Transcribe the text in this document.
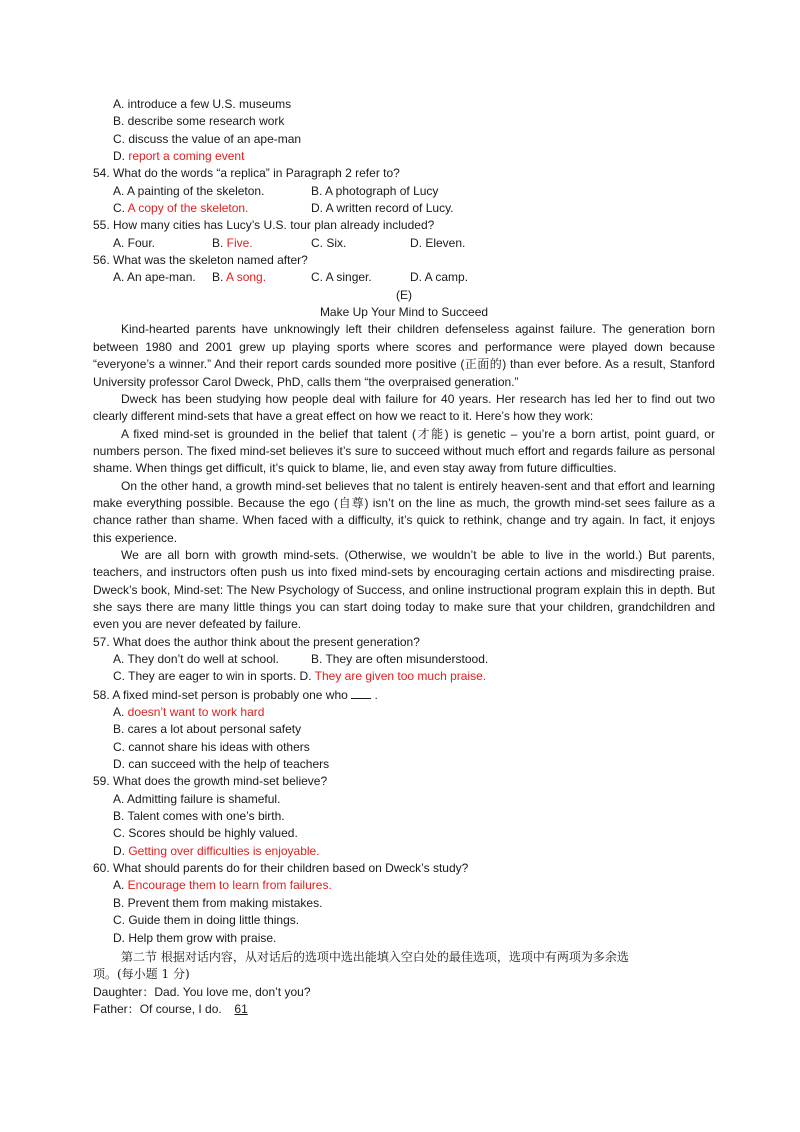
A. introduce a few U.S. museums
B. describe some research work
C. discuss the value of an ape-man
D. report a coming event
54. What do the words “a replica” in Paragraph 2 refer to?
A. A painting of the skeleton.	B. A photograph of Lucy
C. A copy of the skeleton.	D. A written record of Lucy.
55. How many cities has Lucy’s U.S. tour plan already included?
A. Four.	B. Five.	C. Six.	D. Eleven.
56. What was the skeleton named after?
A. An ape-man.	B. A song.	C. A singer.	D. A camp.
(E)
Make Up Your Mind to Succeed
Kind-hearted parents have unknowingly left their children defenseless against failure. The generation born between 1980 and 2001 grew up playing sports where scores and performance were played down because “everyone’s a winner.” And their report cards sounded more positive (正面的) than ever before. As a result, Stanford University professor Carol Dweck, PhD, calls them “the overpraised generation.”
Dweck has been studying how people deal with failure for 40 years. Her research has led her to find out two clearly different mind-sets that have a great effect on how we react to it. Here’s how they work:
A fixed mind-set is grounded in the belief that talent (才能) is genetic – you’re a born artist, point guard, or numbers person. The fixed mind-set believes it’s sure to succeed without much effort and regards failure as personal shame. When things get difficult, it’s quick to blame, lie, and even stay away from future difficulties.
On the other hand, a growth mind-set believes that no talent is entirely heaven-sent and that effort and learning make everything possible. Because the ego (自尊) isn’t on the line as much, the growth mind-set sees failure as a chance rather than shame. When faced with a difficulty, it’s quick to rethink, change and try again. In fact, it enjoys this experience.
We are all born with growth mind-sets. (Otherwise, we wouldn’t be able to live in the world.) But parents, teachers, and instructors often push us into fixed mind-sets by encouraging certain actions and misdirecting praise. Dweck’s book, Mind-set: The New Psychology of Success, and online instructional program explain this in depth. But she says there are many little things you can start doing today to make sure that your children, grandchildren and even you are never defeated by failure.
57. What does the author think about the present generation?
A. They don’t do well at school.	B. They are often misunderstood.
C. They are eager to win in sports. D. They are given too much praise.
58. A fixed mind-set person is probably one who  .
A. doesn’t want to work hard
B. cares a lot about personal safety
C. cannot share his ideas with others
D. can succeed with the help of teachers
59. What does the growth mind-set believe?
A. Admitting failure is shameful.
B. Talent comes with one’s birth.
C. Scores should be highly valued.
D. Getting over difficulties is enjoyable.
60. What should parents do for their children based on Dweck’s study?
A. Encourage them to learn from failures.
B. Prevent them from making mistakes.
C. Guide them in doing little things.
D. Help them grow with praise.
第二节 根据对话内容，从对话后的选项中选出能填入空白处的最佳选项，选项中有两项为多余选
项。(每小题 1 分)
Daughter：Dad. You love me, don’t you?
Father：Of course, I do. 61
